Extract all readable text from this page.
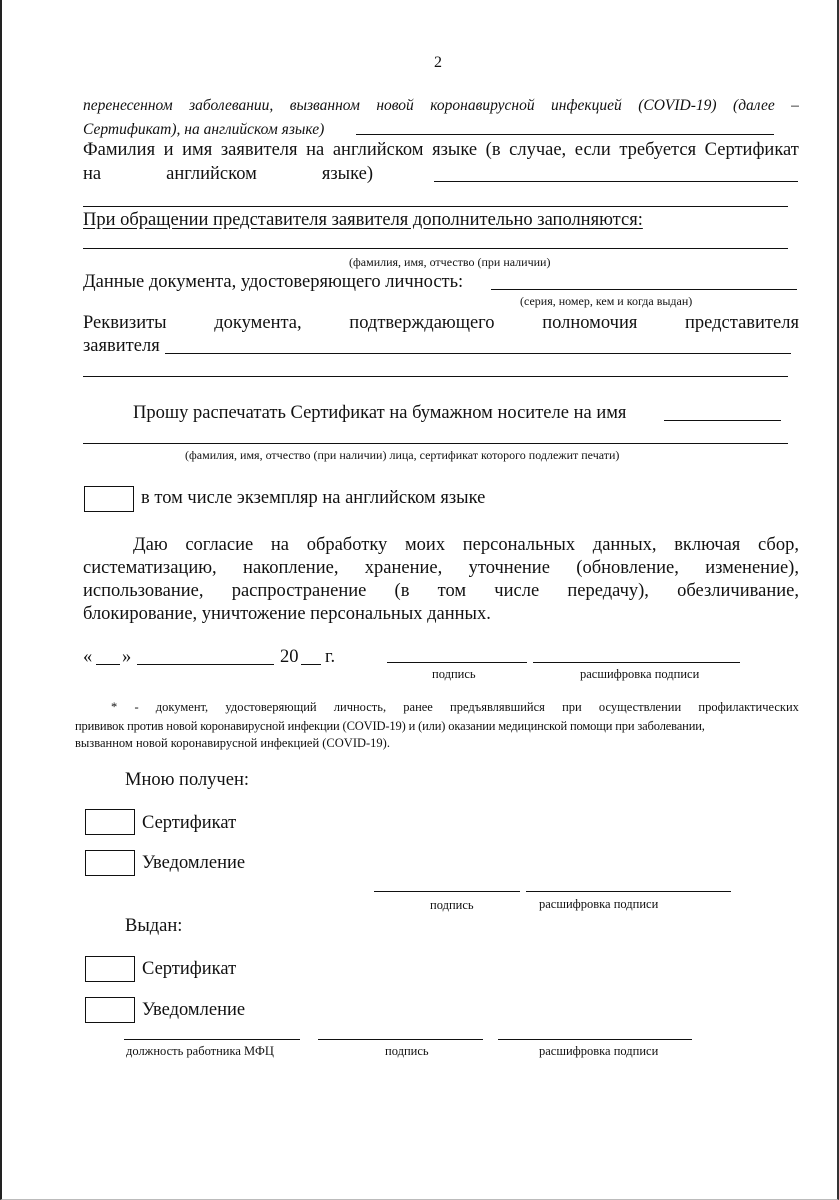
2
перенесенном заболевании, вызванном новой коронавирусной инфекцией (COVID-19) (далее –
Сертификат), на английском языке)
Фамилия и имя заявителя на английском языке (в случае, если требуется Сертификат
на	английском	языке)
При обращении представителя заявителя дополнительно заполняются:
(фамилия, имя, отчество (при наличии)
Данные документа, удостоверяющего личность:
(серия, номер, кем и когда выдан)
Реквизиты	документа,	подтверждающего	полномочия	представителя
заявителя
Прошу распечатать Сертификат на бумажном носителе на имя
(фамилия, имя, отчество (при наличии) лица, сертификат которого подлежит печати)
в том числе экземпляр на английском языке
Даю согласие на обработку моих персональных данных, включая сбор,
систематизацию, накопление, хранение, уточнение (обновление, изменение),
использование, распространение (в том числе передачу), обезличивание,
блокирование, уничтожение персональных данных.
« »	20 г.
подпись	расшифровка подписи
* - документ, удостоверяющий личность, ранее предъявлявшийся при осуществлении профилактических
прививок против новой коронавирусной инфекции (COVID-19) и (или) оказании медицинской помощи при заболевании,
вызванном новой коронавирусной инфекцией (COVID-19).
Мною получен:
Сертификат
Уведомление
подпись	расшифровка подписи
Выдан:
Сертификат
Уведомление
должность работника МФЦ	подпись	расшифровка подписи
